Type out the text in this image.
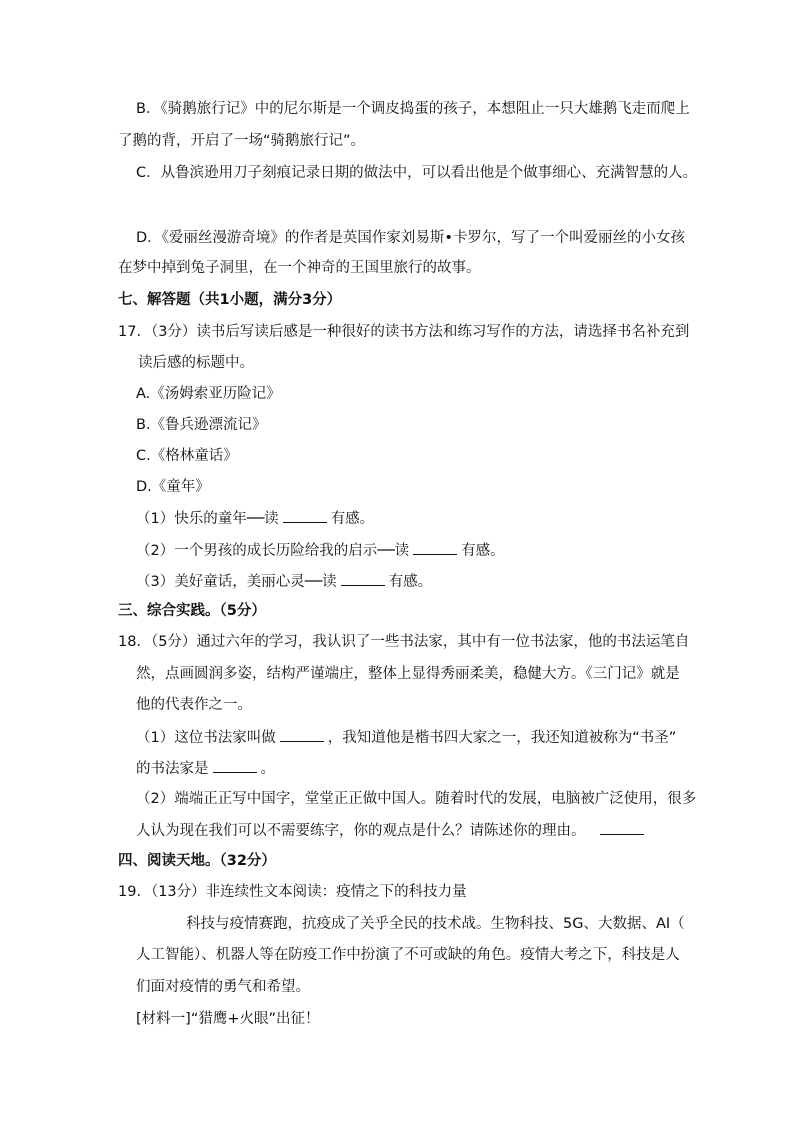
B．《骑鹅旅行记》中的尼尔斯是一个调皮捣蛋的孩子，本想阻止一只大雄鹅飞走而爬上
了鹅的背，开启了一场“骑鹅旅行记”。
C．从鲁滨逊用刀子刻痕记录日期的做法中，可以看出他是个做事细心、充满智慧的人。
D．《爱丽丝漫游奇境》的作者是英国作家刘易斯•卡罗尔，写了一个叫爱丽丝的小女孩
在梦中掉到兔子洞里，在一个神奇的王国里旅行的故事。
七、解答题（共1小题，满分3分）
17．（3分）读书后写读后感是一种很好的读书方法和练习写作的方法，请选择书名补充到
读后感的标题中。
A.《汤姆索亚历险记》
B.《鲁兵逊漂流记》
C.《格林童话》
D.《童年》
（1）快乐的童年──读	有感。
（2）一个男孩的成长历险给我的启示──读	有感。
（3）美好童话，美丽心灵──读	有感。
三、综合实践。（5分）
18．（5分）通过六年的学习，我认识了一些书法家，其中有一位书法家，他的书法运笔自
然，点画圆润多姿，结构严谨端庄，整体上显得秀丽柔美，稳健大方。《三门记》就是
他的代表作之一。
（1）这位书法家叫做	，我知道他是楷书四大家之一，我还知道被称为“书圣”
的书法家是	。
（2）端端正正写中国字，堂堂正正做中国人。随着时代的发展，电脑被广泛使用，很多
人认为现在我们可以不需要练字，你的观点是什么？请陈述你的理由。
四、阅读天地。（32分）
19．（13分）非连续性文本阅读：疫情之下的科技力量
科技与疫情赛跑，抗疫成了关乎全民的技术战。生物科技、5G、大数据、AI（
人工智能）、机器人等在防疫工作中扮演了不可或缺的角色。疫情大考之下，科技是人
们面对疫情的勇气和希望。
[材料一]“猎鹰+火眼”出征！
